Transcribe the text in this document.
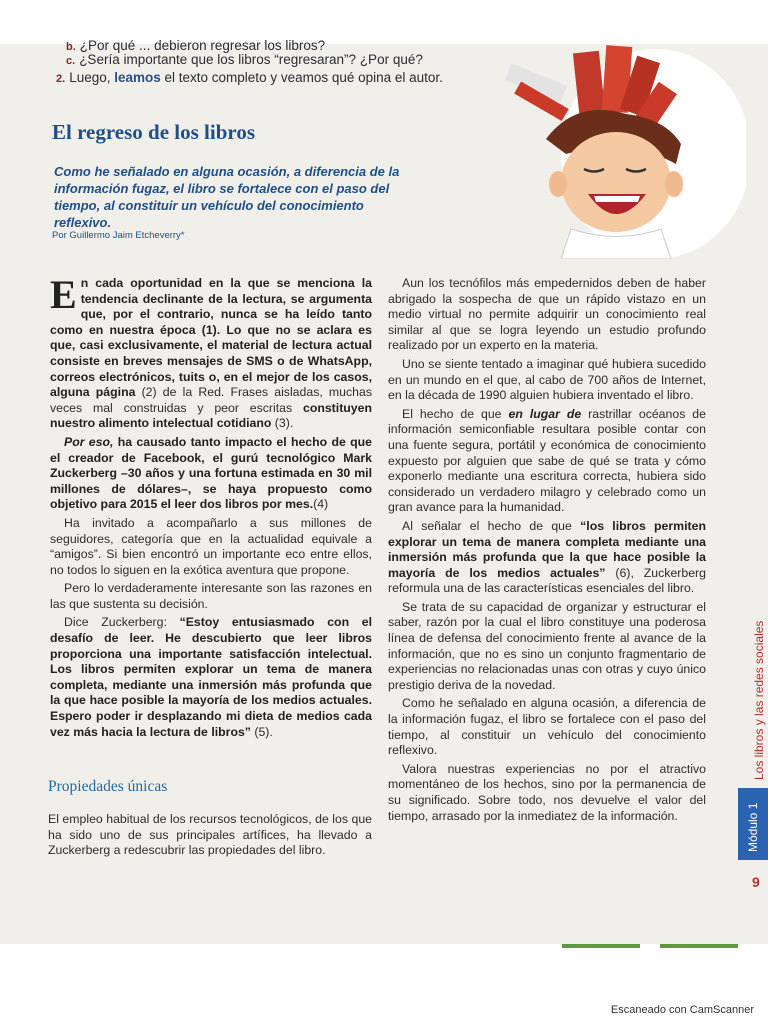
b. ¿Por qué ... debieron regresar los libros?
c. ¿Sería importante que los libros “regresaran”? ¿Por qué?
2. Luego, leamos el texto completo y veamos qué opina el autor.
El regreso de los libros
Como he señalado en alguna ocasión, a diferencia de la información fugaz, el libro se fortalece con el paso del tiempo, al constituir un vehículo del conocimiento reflexivo.
Por Guillermo Jaim Etcheverry*

En cada oportunidad en la que se menciona la tendencia declinante de la lectura, se argumenta que, por el contrario, nunca se ha leído tanto como en nuestra época (1). Lo que no se aclara es que, casi exclusivamente, el material de lectura actual consiste en breves mensajes de SMS o de WhatsApp, correos electrónicos, tuits o, en el mejor de los casos, alguna página (2) de la Red. Frases aisladas, muchas veces mal construidas y peor escritas constituyen nuestro alimento intelectual cotidiano (3).

Por eso, ha causado tanto impacto el hecho de que el creador de Facebook, el gurú tecnológico Mark Zuckerberg –30 años y una fortuna estimada en 30 mil millones de dólares–, se haya propuesto como objetivo para 2015 el leer dos libros por mes.(4)

Ha invitado a acompañarlo a sus millones de seguidores, categoría que en la actualidad equivale a “amigos”. Si bien encontró un importante eco entre ellos, no todos lo siguen en la exótica aventura que propone.

Pero lo verdaderamente interesante son las razones en las que sustenta su decisión.

Dice Zuckerberg: “Estoy entusiasmado con el desafío de leer. He descubierto que leer libros proporciona una importante satisfacción intelectual. Los libros permiten explorar un tema de manera completa, mediante una inmersión más profunda que la que hace posible la mayoría de los medios actuales. Espero poder ir desplazando mi dieta de medios cada vez más hacia la lectura de libros” (5).

Propiedades únicas

El empleo habitual de los recursos tecnológicos, de los que ha sido uno de sus principales artífices, ha llevado a Zuckerberg a redescubrir las propiedades del libro.

Aun los tecnófilos más empedernidos deben de haber abrigado la sospecha de que un rápido vistazo en un medio virtual no permite adquirir un conocimiento real similar al que se logra leyendo un estudio profundo realizado por un experto en la materia.

Uno se siente tentado a imaginar qué hubiera sucedido en un mundo en el que, al cabo de 700 años de Internet, en la década de 1990 alguien hubiera inventado el libro.

El hecho de que en lugar de rastrillar océanos de información semiconfiable resultara posible contar con una fuente segura, portátil y económica de conocimiento expuesto por alguien que sabe de qué se trata y cómo exponerlo mediante una escritura correcta, hubiera sido considerado un verdadero milagro y celebrado como un gran avance para la humanidad.

Al señalar el hecho de que “los libros permiten explorar un tema de manera completa mediante una inmersión más profunda que la que hace posible la mayoría de los medios actuales” (6), Zuckerberg reformula una de las características esenciales del libro.

Se trata de su capacidad de organizar y estructurar el saber, razón por la cual el libro constituye una poderosa línea de defensa del conocimiento frente al avance de la información, que no es sino un conjunto fragmentario de experiencias no relacionadas unas con otras y cuyo único prestigio deriva de la novedad.

Como he señalado en alguna ocasión, a diferencia de la información fugaz, el libro se fortalece con el paso del tiempo, al constituir un vehículo del conocimiento reflexivo.

Valora nuestras experiencias no por el atractivo momentáneo de los hechos, sino por la permanencia de su significado. Sobre todo, nos devuelve el valor del tiempo, arrasado por la inmediatez de la información.

Los libros y las redes sociales
Módulo 1
9
Escaneado con CamScanner
